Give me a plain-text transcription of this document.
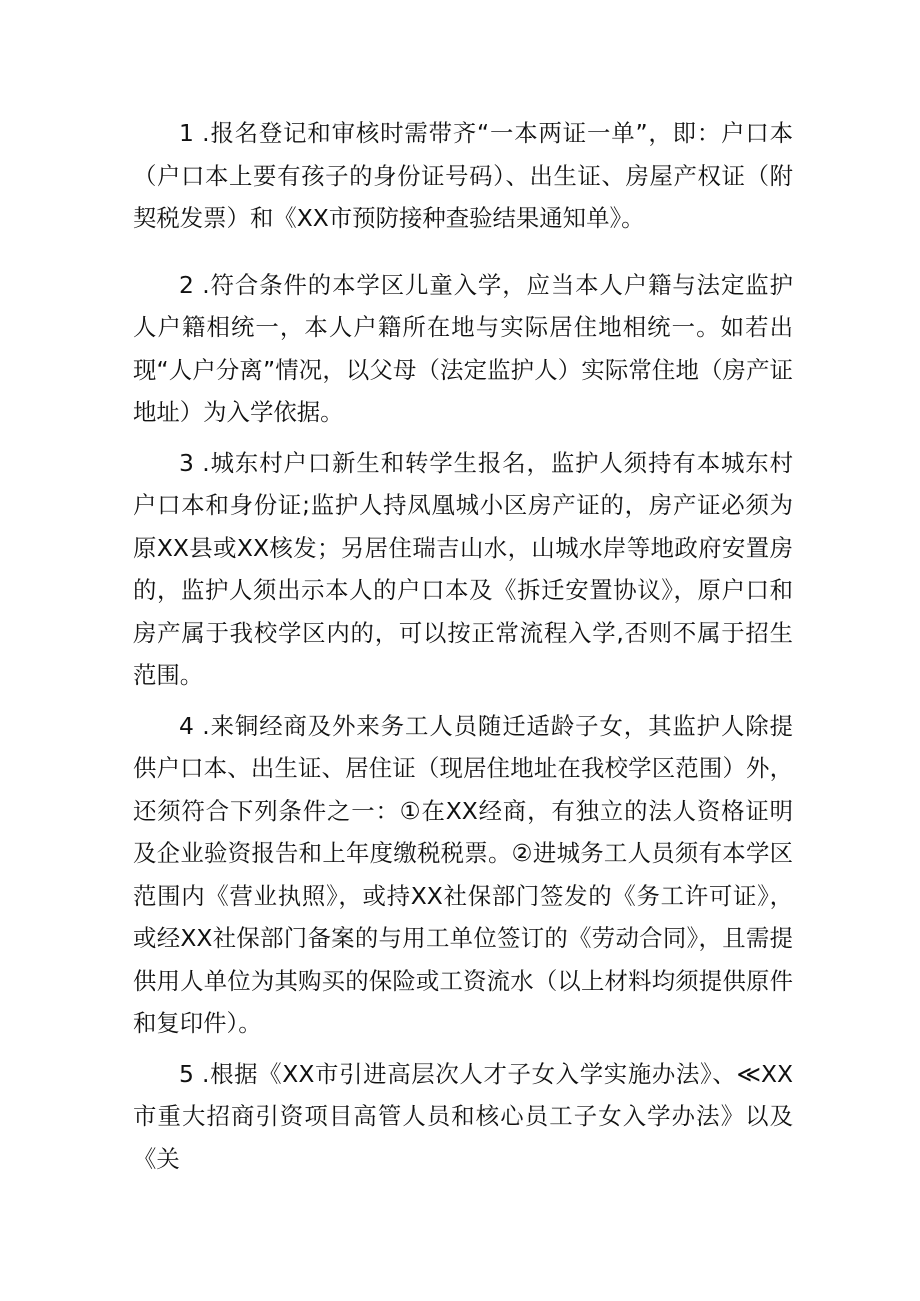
1 .报名登记和审核时需带齐“一本两证一单”，即：户口本（户口本上要有孩子的身份证号码）、出生证、房屋产权证（附契税发票）和《XX市预防接种查验结果通知单》。

2 .符合条件的本学区儿童入学，应当本人户籍与法定监护人户籍相统一，本人户籍所在地与实际居住地相统一。如若出现“人户分离”情况，以父母（法定监护人）实际常住地（房产证地址）为入学依据。

3 .城东村户口新生和转学生报名，监护人须持有本城东村户口本和身份证;监护人持凤凰城小区房产证的，房产证必须为原XX县或XX核发；另居住瑞吉山水，山城水岸等地政府安置房的，监护人须出示本人的户口本及《拆迁安置协议》，原户口和房产属于我校学区内的，可以按正常流程入学,否则不属于招生范围。

4 .来铜经商及外来务工人员随迁适龄子女，其监护人除提供户口本、出生证、居住证（现居住地址在我校学区范围）外，还须符合下列条件之一：①在XX经商，有独立的法人资格证明及企业验资报告和上年度缴税税票。②进城务工人员须有本学区范围内《营业执照》，或持XX社保部门签发的《务工许可证》，或经XX社保部门备案的与用工单位签订的《劳动合同》，且需提供用人单位为其购买的保险或工资流水（以上材料均须提供原件和复印件）。

5 .根据《XX市引进高层次人才子女入学实施办法》、≪XX市重大招商引资项目高管人员和核心员工子女入学办法》以及《关
